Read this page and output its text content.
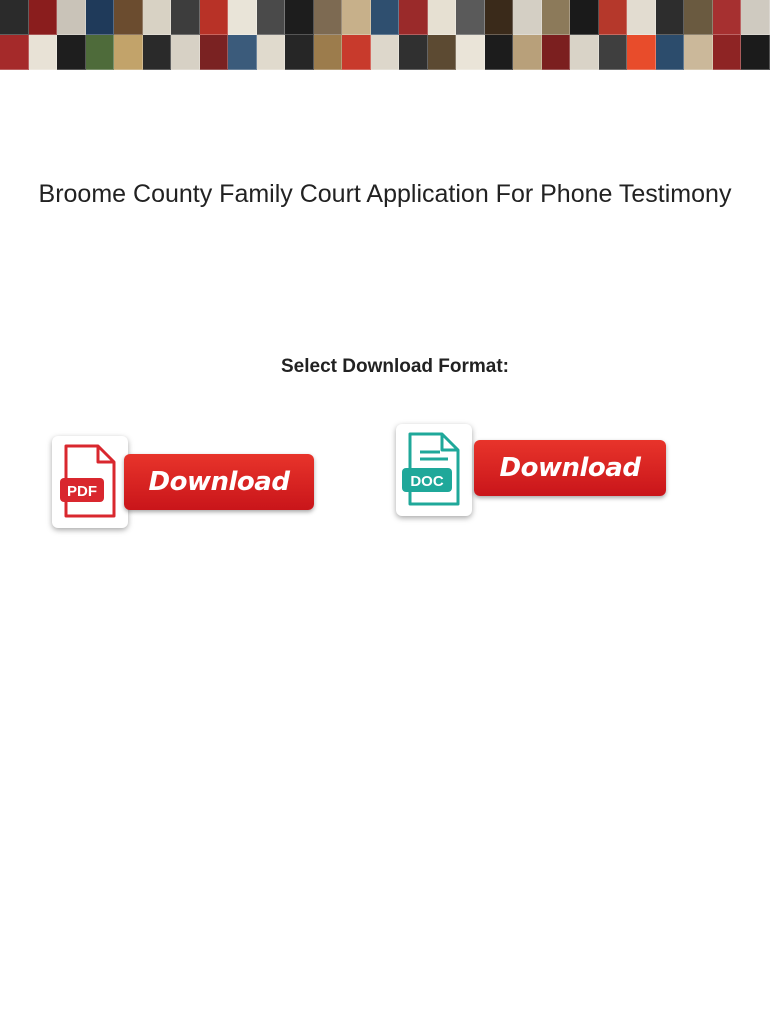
Broome County Family Court Application For Phone Testimony
Select Download Format:
PDF	Download	DOC	Download
